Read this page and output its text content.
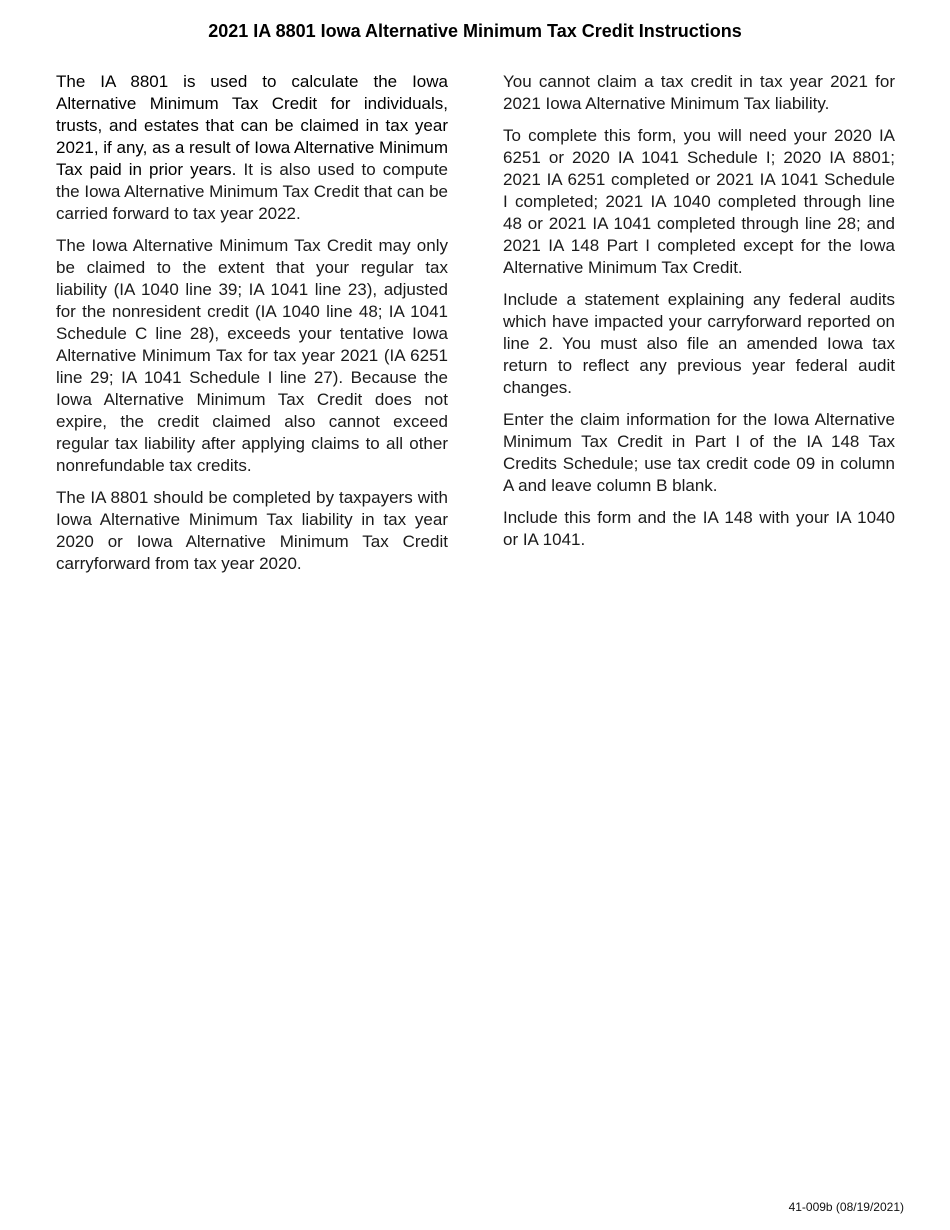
2021 IA 8801 Iowa Alternative Minimum Tax Credit Instructions

The IA 8801 is used to calculate the Iowa Alternative Minimum Tax Credit for individuals, trusts, and estates that can be claimed in tax year 2021, if any, as a result of Iowa Alternative Minimum Tax paid in prior years. It is also used to compute the Iowa Alternative Minimum Tax Credit that can be carried forward to tax year 2022.

The Iowa Alternative Minimum Tax Credit may only be claimed to the extent that your regular tax liability (IA 1040 line 39; IA 1041 line 23), adjusted for the nonresident credit (IA 1040 line 48; IA 1041 Schedule C line 28), exceeds your tentative Iowa Alternative Minimum Tax for tax year 2021 (IA 6251 line 29; IA 1041 Schedule I line 27). Because the Iowa Alternative Minimum Tax Credit does not expire, the credit claimed also cannot exceed regular tax liability after applying claims to all other nonrefundable tax credits.

The IA 8801 should be completed by taxpayers with Iowa Alternative Minimum Tax liability in tax year 2020 or Iowa Alternative Minimum Tax Credit carryforward from tax year 2020.

You cannot claim a tax credit in tax year 2021 for 2021 Iowa Alternative Minimum Tax liability.

To complete this form, you will need your 2020 IA 6251 or 2020 IA 1041 Schedule I; 2020 IA 8801; 2021 IA 6251 completed or 2021 IA 1041 Schedule I completed; 2021 IA 1040 completed through line 48 or 2021 IA 1041 completed through line 28; and 2021 IA 148 Part I completed except for the Iowa Alternative Minimum Tax Credit.

Include a statement explaining any federal audits which have impacted your carryforward reported on line 2. You must also file an amended Iowa tax return to reflect any previous year federal audit changes.

Enter the claim information for the Iowa Alternative Minimum Tax Credit in Part I of the IA 148 Tax Credits Schedule; use tax credit code 09 in column A and leave column B blank.

Include this form and the IA 148 with your IA 1040 or IA 1041.

41-009b (08/19/2021)
